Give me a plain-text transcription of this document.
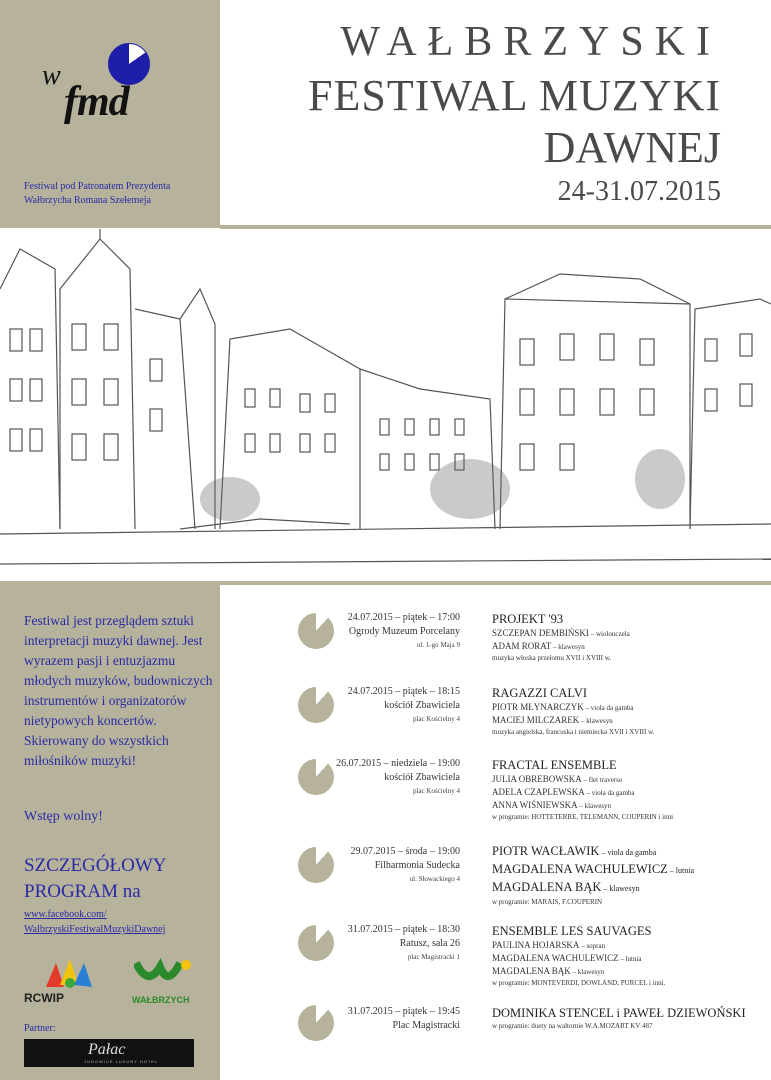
w
fmd
Festiwal pod Patronatem Prezydenta Wałbrzycha Romana Szełemeja
WAŁBRZYSKI
FESTIWAL MUZYKI
DAWNEJ
24-31.07.2015
Festiwal jest przeglądem sztuki interpretacji muzyki dawnej. Jest wyrazem pasji i entuzjazmu młodych muzyków, budowniczych instrumentów i organizatorów nietypowych koncertów. Skierowany do wszystkich miłośników muzyki!
Wstęp wolny!
SZCZEGÓŁOWY
PROGRAM na
www.facebook.com/
WalbrzyskiFestiwalMuzykiDawnej
RCWIP	WAŁBRZYCH
Partner:
Pałac
JUGOWICE LUXURY HOTEL
24.07.2015 – piątek – 17:00
Ogrody Muzeum Porcelany
ul. 1-go Maja 9
PROJEKT '93
SZCZEPAN DEMBIŃSKI – wiolonczela
ADAM RORAT – klawesyn
muzyka włoska przełomu XVII i XVIII w.
24.07.2015 – piątek – 18:15
kościół Zbawiciela
plac Kościelny 4
RAGAZZI CALVI
PIOTR MŁYNARCZYK – viola da gamba
MACIEJ MILCZAREK – klawesyn
muzyka angielska, francuska i niemiecka XVII i XVIII w.
26.07.2015 – niedziela – 19:00
kościół Zbawiciela
plac Kościelny 4
FRACTAL ENSEMBLE
JULIA OBREBOWSKA – flet traverso
ADELA CZAPLEWSKA – viola da gamba
ANNA WIŚNIEWSKA – klawesyn
w programie: HOTTETERRE, TELEMANN, COUPERIN i inni
29.07.2015 – środa – 19:00
Filharmonia Sudecka
ul. Słowackiego 4
PIOTR WACŁAWIK – viola da gamba
MAGDALENA WACHULEWICZ – lutnia
MAGDALENA BĄK – klawesyn
w programie: MARAIS, F.COUPERIN
31.07.2015 – piątek – 18:30
Ratusz, sala 26
plac Magistracki 1
ENSEMBLE LES SAUVAGES
PAULINA HOJARSKA – sopran
MAGDALENA WACHULEWICZ – lutnia
MAGDALENA BĄK – klawesyn
w programie: MONTEVERDI, DOWLAND, PURCEL i inni.
31.07.2015 – piątek – 19:45
Plac Magistracki
DOMINIKA STENCEL i PAWEŁ DZIEWOŃSKI
w programie: duety na waltornie W.A.MOZART KV 487
